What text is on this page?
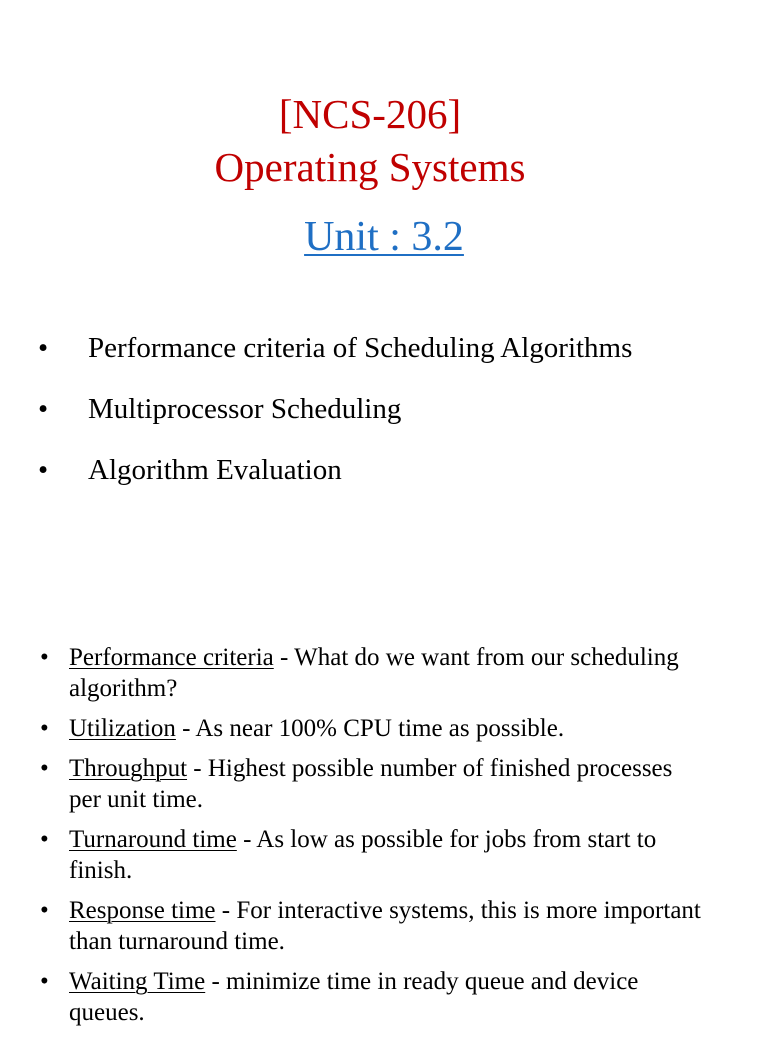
[NCS-206]
Operating Systems
Unit : 3.2
• Performance criteria of Scheduling Algorithms
• Multiprocessor Scheduling
• Algorithm Evaluation
• Performance criteria - What do we want from our scheduling algorithm?
• Utilization - As near 100% CPU time as possible.
• Throughput - Highest possible number of finished processes per unit time.
• Turnaround time - As low as possible for jobs from start to finish.
• Response time - For interactive systems, this is more important than turnaround time.
• Waiting Time - minimize time in ready queue and device queues.
